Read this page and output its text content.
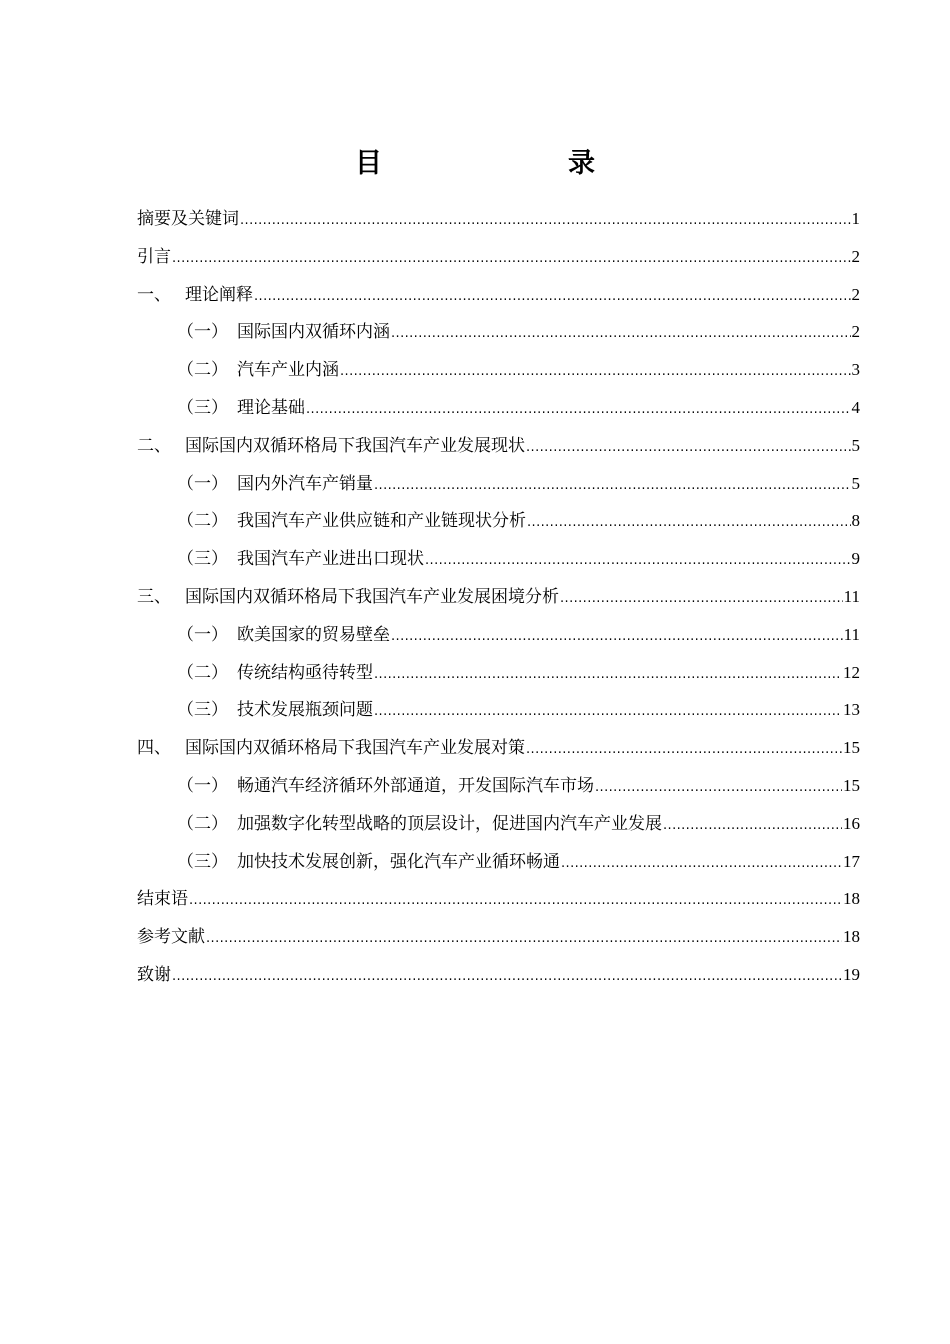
目　　录
摘要及关键词 .....	1
引言 .....	2
一、 理论阐释 .....	2
（一） 国际国内双循环内涵 .....	2
（二） 汽车产业内涵 .....	3
（三） 理论基础 .....	4
二、 国际国内双循环格局下我国汽车产业发展现状 .....	5
（一） 国内外汽车产销量 .....	5
（二） 我国汽车产业供应链和产业链现状分析 .....	8
（三） 我国汽车产业进出口现状 .....	9
三、 国际国内双循环格局下我国汽车产业发展困境分析 .....	11
（一） 欧美国家的贸易壁垒 .....	11
（二） 传统结构亟待转型 .....	12
（三） 技术发展瓶颈问题 .....	13
四、 国际国内双循环格局下我国汽车产业发展对策 .....	15
（一） 畅通汽车经济循环外部通道，开发国际汽车市场 .....	15
（二） 加强数字化转型战略的顶层设计，促进国内汽车产业发展 .....	16
（三） 加快技术发展创新，强化汽车产业循环畅通 .....	17
结束语 .....	18
参考文献 .....	18
致谢 .....	19
